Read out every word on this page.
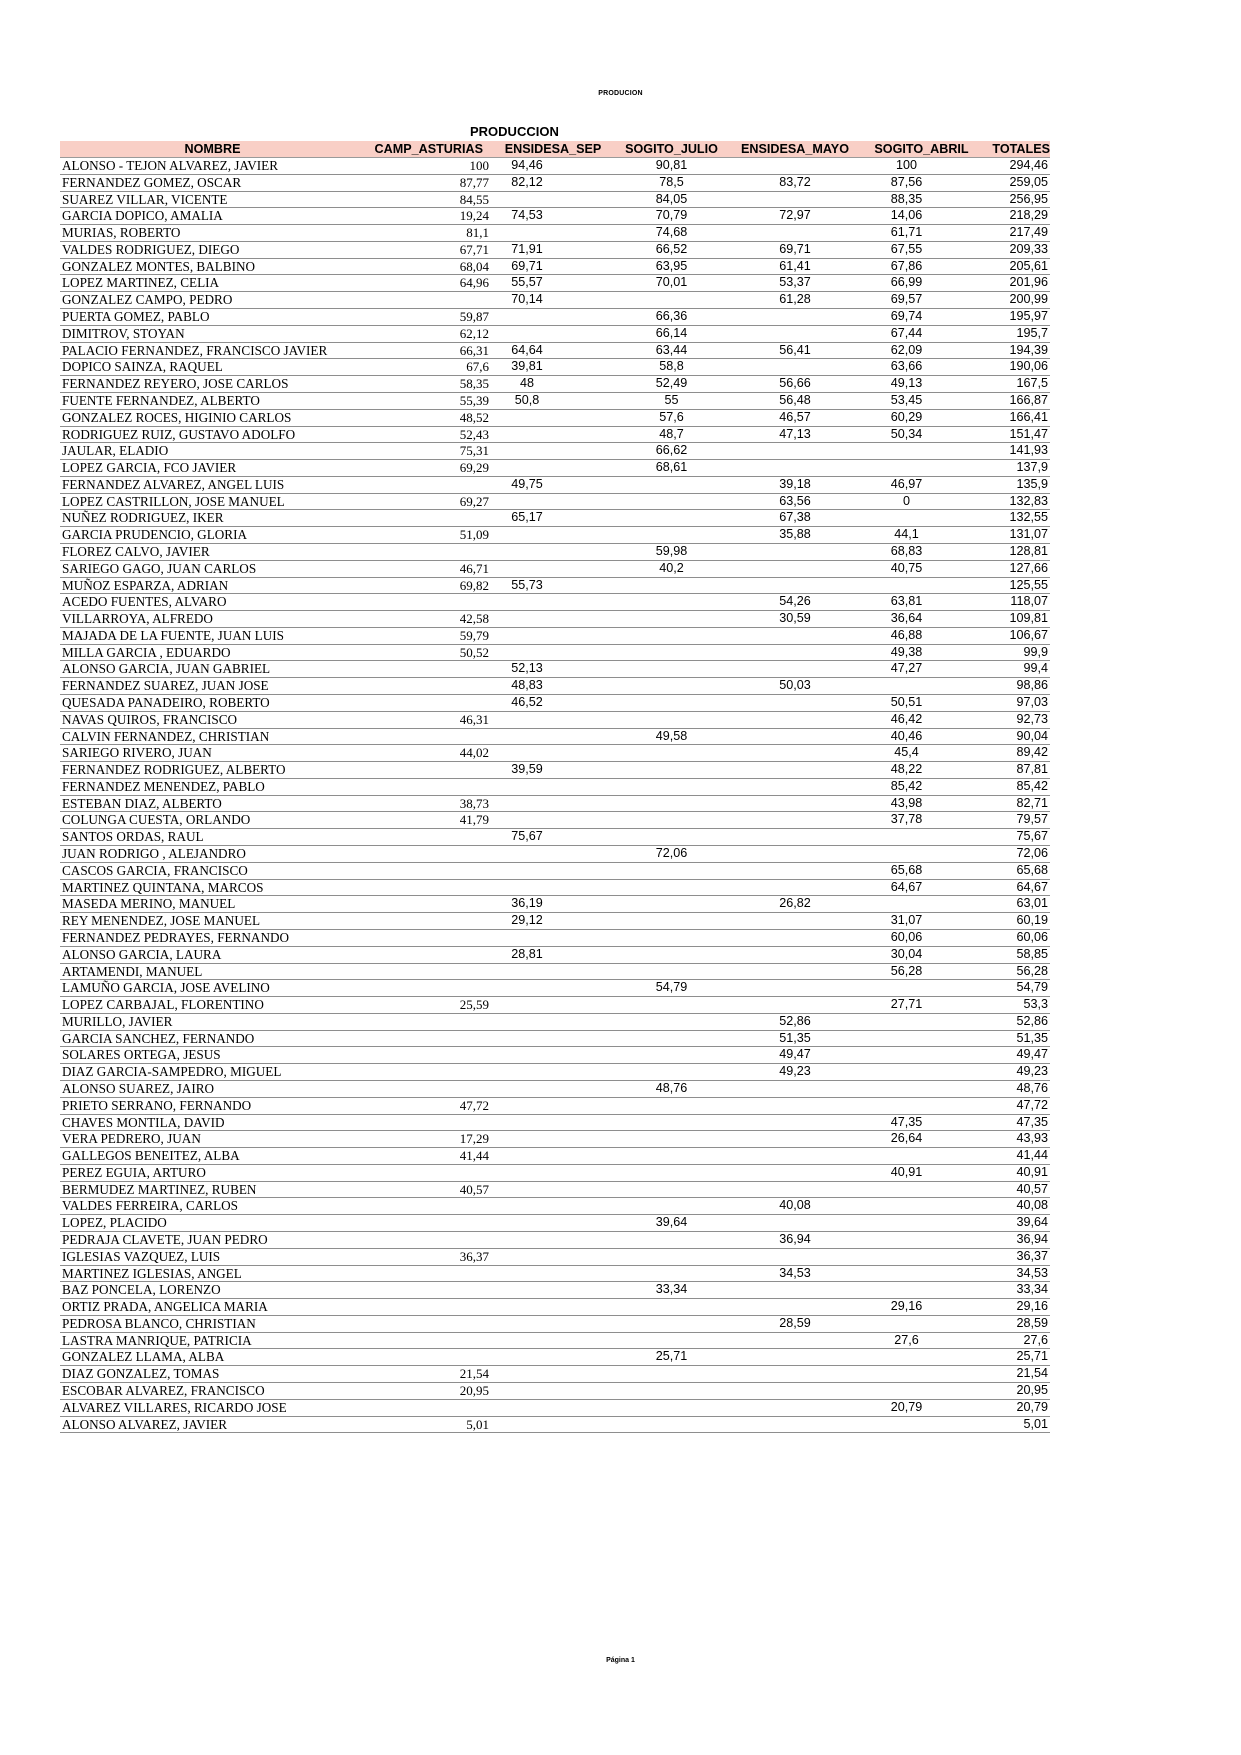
PRODUCION
PRODUCCION
NOMBRE	CAMP_ASTURIAS	ENSIDESA_SEP	SOGITO_JULIO	ENSIDESA_MAYO	SOGITO_ABRIL	TOTALES
ALONSO - TEJON ALVAREZ, JAVIER	100	94,46	90,81		100	294,46
FERNANDEZ GOMEZ, OSCAR	87,77	82,12	78,5	83,72	87,56	259,05
SUAREZ VILLAR, VICENTE	84,55		84,05		88,35	256,95
GARCIA DOPICO, AMALIA	19,24	74,53	70,79	72,97	14,06	218,29
MURIAS, ROBERTO	81,1		74,68		61,71	217,49
VALDES RODRIGUEZ, DIEGO	67,71	71,91	66,52	69,71	67,55	209,33
GONZALEZ MONTES, BALBINO	68,04	69,71	63,95	61,41	67,86	205,61
LOPEZ MARTINEZ, CELIA	64,96	55,57	70,01	53,37	66,99	201,96
GONZALEZ CAMPO, PEDRO		70,14		61,28	69,57	200,99
PUERTA GOMEZ, PABLO	59,87		66,36		69,74	195,97
DIMITROV, STOYAN	62,12		66,14		67,44	195,7
PALACIO FERNANDEZ, FRANCISCO JAVIER	66,31	64,64	63,44	56,41	62,09	194,39
DOPICO SAINZA, RAQUEL	67,6	39,81	58,8		63,66	190,06
FERNANDEZ REYERO, JOSE CARLOS	58,35	48	52,49	56,66	49,13	167,5
FUENTE FERNANDEZ, ALBERTO	55,39	50,8	55	56,48	53,45	166,87
GONZALEZ ROCES, HIGINIO CARLOS	48,52		57,6	46,57	60,29	166,41
RODRIGUEZ RUIZ, GUSTAVO ADOLFO	52,43		48,7	47,13	50,34	151,47
JAULAR, ELADIO	75,31		66,62			141,93
LOPEZ GARCIA, FCO JAVIER	69,29		68,61			137,9
FERNANDEZ ALVAREZ, ANGEL LUIS		49,75		39,18	46,97	135,9
LOPEZ CASTRILLON, JOSE MANUEL	69,27			63,56	0	132,83
NUÑEZ RODRIGUEZ, IKER		65,17		67,38		132,55
GARCIA PRUDENCIO, GLORIA	51,09			35,88	44,1	131,07
FLOREZ CALVO, JAVIER			59,98		68,83	128,81
SARIEGO GAGO, JUAN CARLOS	46,71		40,2		40,75	127,66
MUÑOZ ESPARZA, ADRIAN	69,82	55,73				125,55
ACEDO FUENTES, ALVARO				54,26	63,81	118,07
VILLARROYA, ALFREDO	42,58			30,59	36,64	109,81
MAJADA DE LA FUENTE, JUAN LUIS	59,79				46,88	106,67
MILLA GARCIA , EDUARDO	50,52				49,38	99,9
ALONSO GARCIA, JUAN GABRIEL		52,13			47,27	99,4
FERNANDEZ SUAREZ, JUAN JOSE		48,83		50,03		98,86
QUESADA PANADEIRO, ROBERTO		46,52			50,51	97,03
NAVAS QUIROS, FRANCISCO	46,31				46,42	92,73
CALVIN FERNANDEZ, CHRISTIAN			49,58		40,46	90,04
SARIEGO RIVERO, JUAN	44,02				45,4	89,42
FERNANDEZ RODRIGUEZ, ALBERTO		39,59			48,22	87,81
FERNANDEZ MENENDEZ, PABLO					85,42	85,42
ESTEBAN DIAZ, ALBERTO	38,73				43,98	82,71
COLUNGA CUESTA, ORLANDO	41,79				37,78	79,57
SANTOS ORDAS, RAUL		75,67				75,67
JUAN RODRIGO , ALEJANDRO			72,06			72,06
CASCOS GARCIA, FRANCISCO					65,68	65,68
MARTINEZ QUINTANA, MARCOS					64,67	64,67
MASEDA MERINO, MANUEL		36,19		26,82		63,01
REY MENENDEZ, JOSE MANUEL		29,12			31,07	60,19
FERNANDEZ PEDRAYES, FERNANDO					60,06	60,06
ALONSO GARCIA, LAURA		28,81			30,04	58,85
ARTAMENDI, MANUEL					56,28	56,28
LAMUÑO GARCIA, JOSE AVELINO			54,79			54,79
LOPEZ CARBAJAL, FLORENTINO	25,59				27,71	53,3
MURILLO, JAVIER				52,86		52,86
GARCIA SANCHEZ, FERNANDO				51,35		51,35
SOLARES ORTEGA, JESUS				49,47		49,47
DIAZ GARCIA-SAMPEDRO, MIGUEL				49,23		49,23
ALONSO SUAREZ, JAIRO			48,76			48,76
PRIETO SERRANO, FERNANDO	47,72					47,72
CHAVES MONTILA, DAVID					47,35	47,35
VERA PEDRERO, JUAN	17,29				26,64	43,93
GALLEGOS BENEITEZ, ALBA	41,44					41,44
PEREZ EGUIA, ARTURO					40,91	40,91
BERMUDEZ MARTINEZ, RUBEN	40,57					40,57
VALDES FERREIRA, CARLOS				40,08		40,08
LOPEZ, PLACIDO			39,64			39,64
PEDRAJA CLAVETE, JUAN PEDRO				36,94		36,94
IGLESIAS VAZQUEZ, LUIS	36,37					36,37
MARTINEZ IGLESIAS, ANGEL				34,53		34,53
BAZ PONCELA, LORENZO			33,34			33,34
ORTIZ PRADA, ANGELICA MARIA					29,16	29,16
PEDROSA BLANCO, CHRISTIAN				28,59		28,59
LASTRA MANRIQUE, PATRICIA					27,6	27,6
GONZALEZ LLAMA, ALBA			25,71			25,71
DIAZ GONZALEZ, TOMAS	21,54					21,54
ESCOBAR ALVAREZ, FRANCISCO	20,95					20,95
ALVAREZ VILLARES, RICARDO JOSE					20,79	20,79
ALONSO ALVAREZ, JAVIER	5,01					5,01
Página 1
